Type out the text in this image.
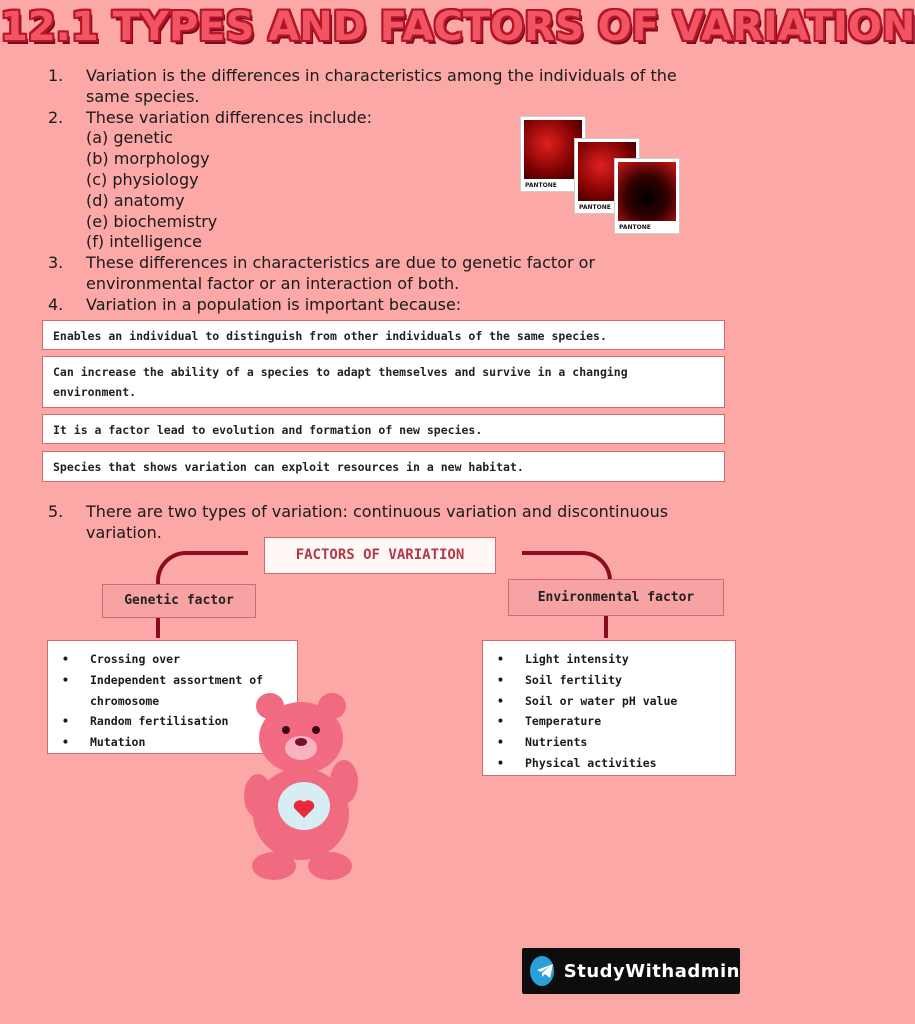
12.1 TYPES AND FACTORS OF VARIATION
1.	Variation is the differences in characteristics among the individuals of the same species.
2.	These variation differences include:
(a) genetic
(b) morphology
(c) physiology
(d) anatomy
(e) biochemistry
(f) intelligence
3.	These differences in characteristics are due to genetic factor or environmental factor or an interaction of both.
4.	Variation in a population is important because:
PANTONE
PANTONE
PANTONE
Enables an individual to distinguish from other individuals of the same species.
Can increase the ability of a species to adapt themselves and survive in a changing environment.
It is a factor lead to evolution and formation of new species.
Species that shows variation can exploit resources in a new habitat.
5.	There are two types of variation: continuous variation and discontinuous variation.
FACTORS OF VARIATION
Genetic factor	Environmental factor
•	Crossing over
•	Independent assortment of chromosome
•	Random fertilisation
•	Mutation
•	Light intensity
•	Soil fertility
•	Soil or water pH value
•	Temperature
•	Nutrients
•	Physical activities
StudyWithadmin
